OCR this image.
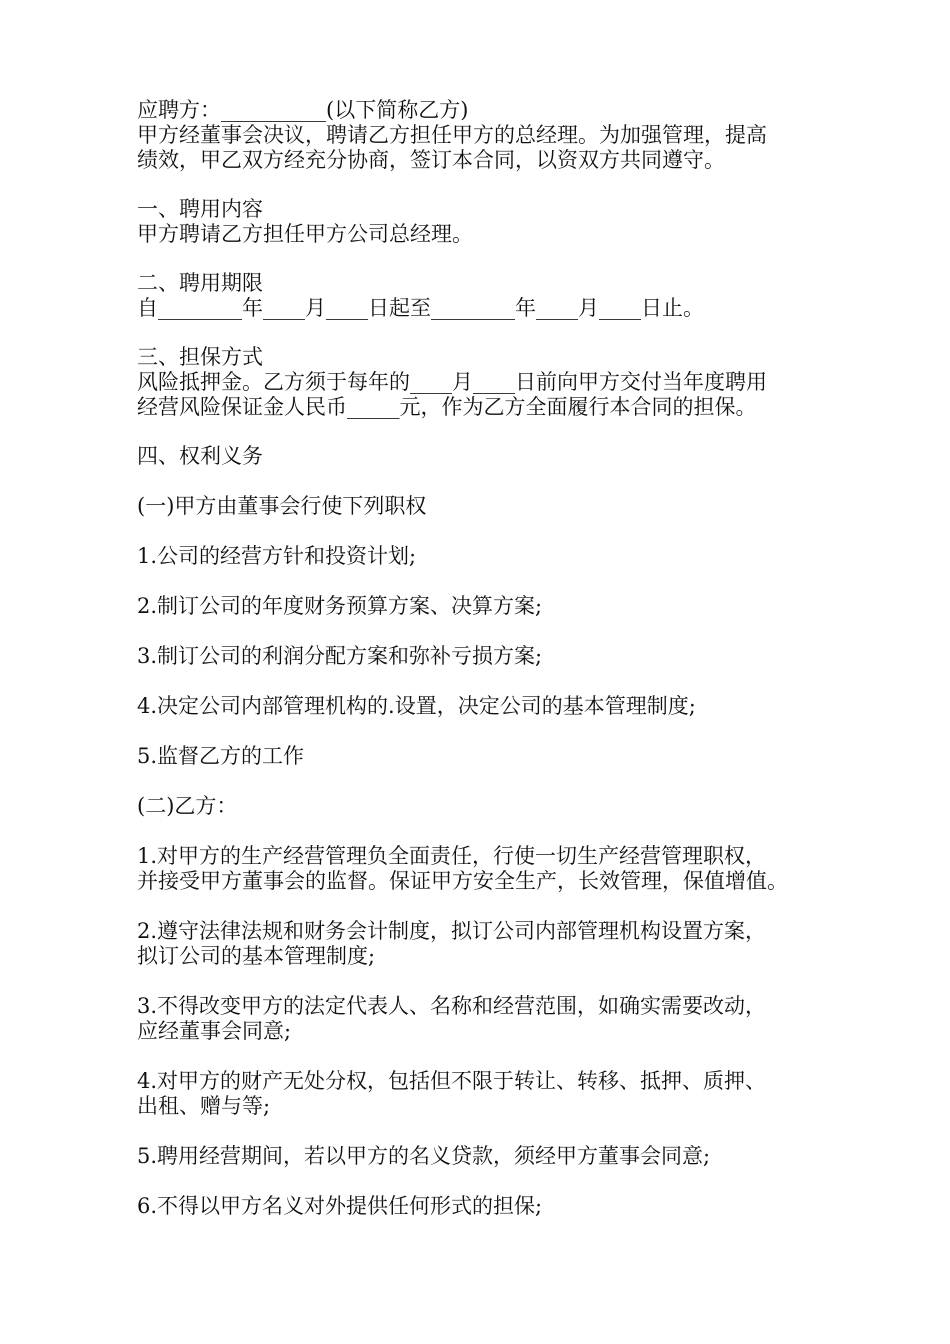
应聘方：__________(以下简称乙方)
甲方经董事会决议，聘请乙方担任甲方的总经理。为加强管理，提高
绩效，甲乙双方经充分协商，签订本合同，以资双方共同遵守。
一、聘用内容
甲方聘请乙方担任甲方公司总经理。
二、聘用期限
自________年____月____日起至________年____月____日止。
三、担保方式
风险抵押金。乙方须于每年的____月____日前向甲方交付当年度聘用
经营风险保证金人民币_____元，作为乙方全面履行本合同的担保。
四、权利义务
(一)甲方由董事会行使下列职权
1.公司的经营方针和投资计划;
2.制订公司的年度财务预算方案、决算方案;
3.制订公司的利润分配方案和弥补亏损方案;
4.决定公司内部管理机构的.设置，决定公司的基本管理制度;
5.监督乙方的工作
(二)乙方：
1.对甲方的生产经营管理负全面责任，行使一切生产经营管理职权，
并接受甲方董事会的监督。保证甲方安全生产，长效管理，保值增值。
2.遵守法律法规和财务会计制度，拟订公司内部管理机构设置方案，
拟订公司的基本管理制度;
3.不得改变甲方的法定代表人、名称和经营范围，如确实需要改动，
应经董事会同意;
4.对甲方的财产无处分权，包括但不限于转让、转移、抵押、质押、
出租、赠与等;
5.聘用经营期间，若以甲方的名义贷款，须经甲方董事会同意;
6.不得以甲方名义对外提供任何形式的担保;
